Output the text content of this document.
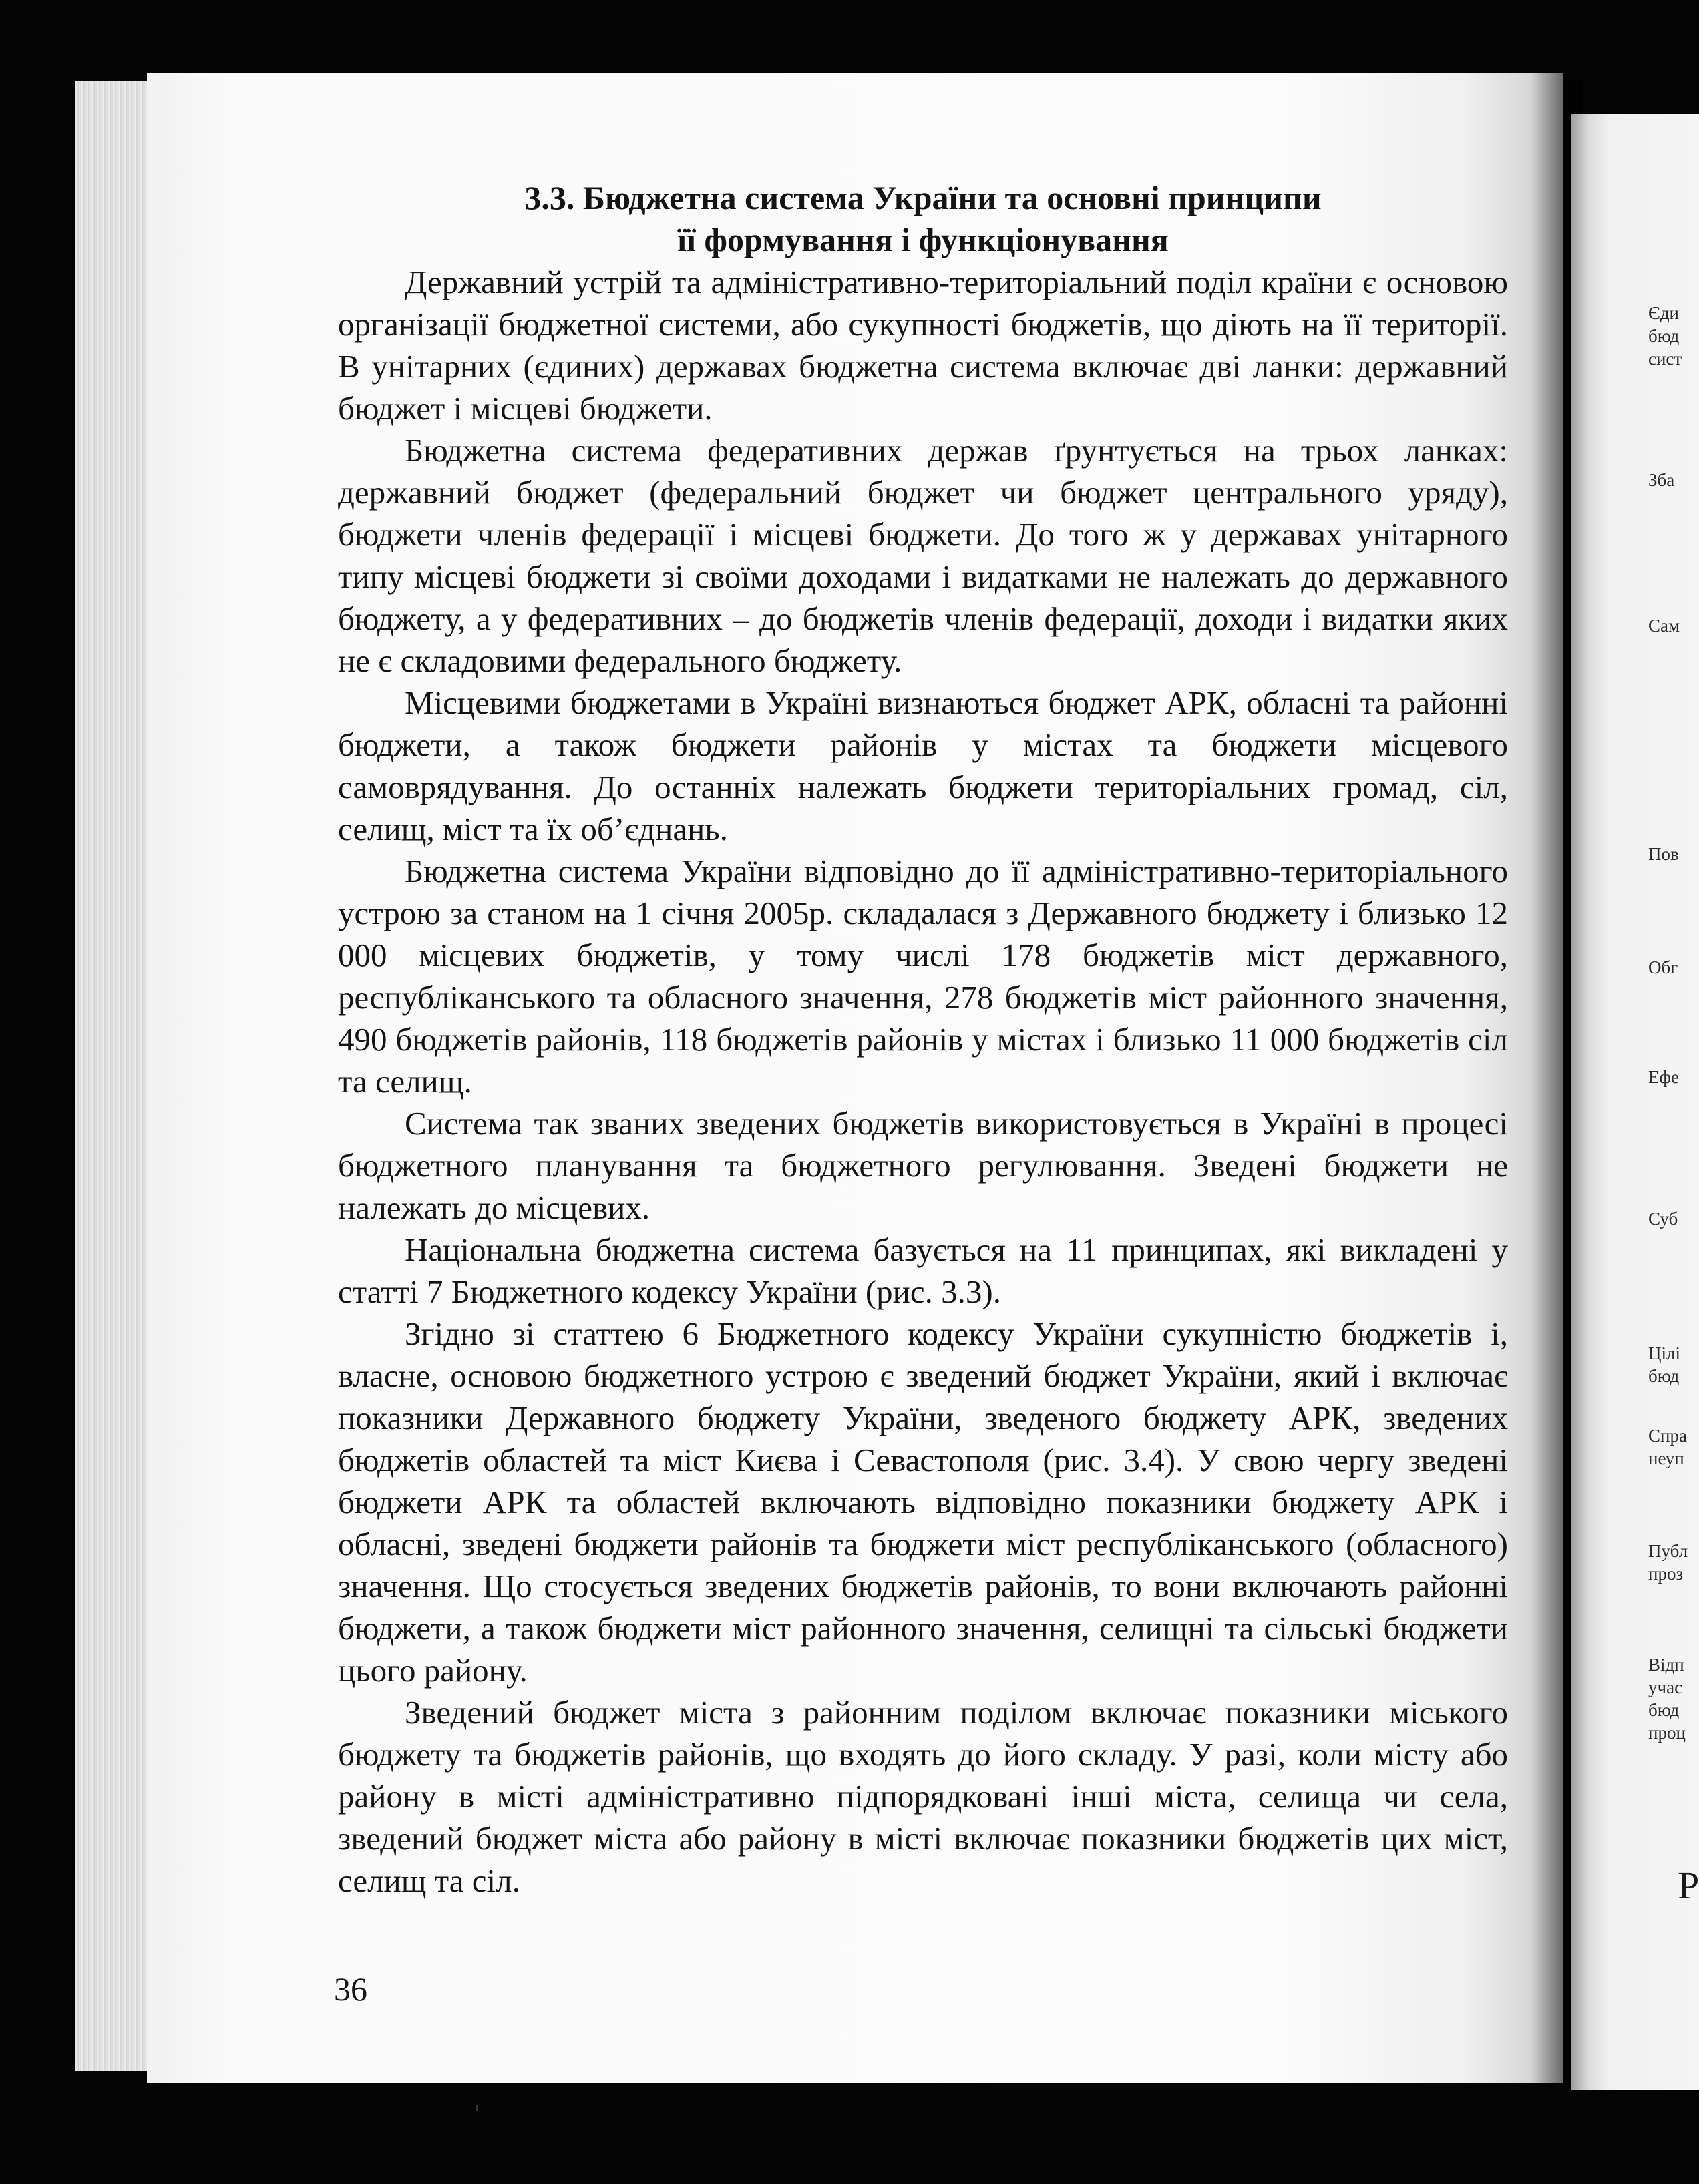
Єди
бюд
сист
Зба
Сам
Пов
Обг
Ефе
Суб
Цілі
бюд
Спра
неуп
Публ
проз
Відп
учас
бюд
проц
Р

3.3. Бюджетна система України та основні принципи

її формування і функціонування

Державний устрій та адміністративно-територіальний поділ країни є основою організації бюджетної системи, або сукупності бюджетів, що діють на її території. В унітарних (єдиних) державах бюджетна система включає дві ланки: державний бюджет і місцеві бюджети.

Бюджетна система федеративних держав ґрунтується на трьох ланках: державний бюджет (федеральний бюджет чи бюджет центрального уряду), бюджети членів федерації і місцеві бюджети. До того ж у державах унітарного типу місцеві бюджети зі своїми доходами і видатками не належать до державного бюджету, а у федеративних – до бюджетів членів федерації, доходи і видатки яких не є складовими федерального бюджету.

Місцевими бюджетами в Україні визнаються бюджет АРК, обласні та районні бюджети, а також бюджети районів у містах та бюджети місцевого самоврядування. До останніх належать бюджети територіальних громад, сіл, селищ, міст та їх об’єднань.

Бюджетна система України відповідно до її адміністративно-територіального устрою за станом на 1 січня 2005р. складалася з Державного бюджету і близько 12 000 місцевих бюджетів, у тому числі 178 бюджетів міст державного, республіканського та обласного значення, 278 бюджетів міст районного значення, 490 бюджетів районів, 118 бюджетів районів у містах і близько 11 000 бюджетів сіл та селищ.

Система так званих зведених бюджетів використовується в Україні в процесі бюджетного планування та бюджетного регулювання. Зведені бюджети не належать до місцевих.

Національна бюджетна система базується на 11 принципах, які викладені у статті 7 Бюджетного кодексу України (рис. 3.3).

Згідно зі статтею 6 Бюджетного кодексу України сукупністю бюджетів і, власне, основою бюджетного устрою є зведений бюджет України, який і включає показники Державного бюджету України, зведеного бюджету АРК, зведених бюджетів областей та міст Києва і Севастополя (рис. 3.4). У свою чергу зведені бюджети АРК та областей включають відповідно показники бюджету АРК і обласні, зведені бюджети районів та бюджети міст республіканського (обласного) значення. Що стосується зведених бюджетів районів, то вони включають районні бюджети, а також бюджети міст районного значення, селищні та сільські бюджети цього району.

Зведений бюджет міста з районним поділом включає показники міського бюджету та бюджетів районів, що входять до його складу. У разі, коли місту або району в місті адміністративно підпорядковані інші міста, селища чи села, зведений бюджет міста або району в місті включає показники бюджетів цих міст, селищ та сіл.

36
